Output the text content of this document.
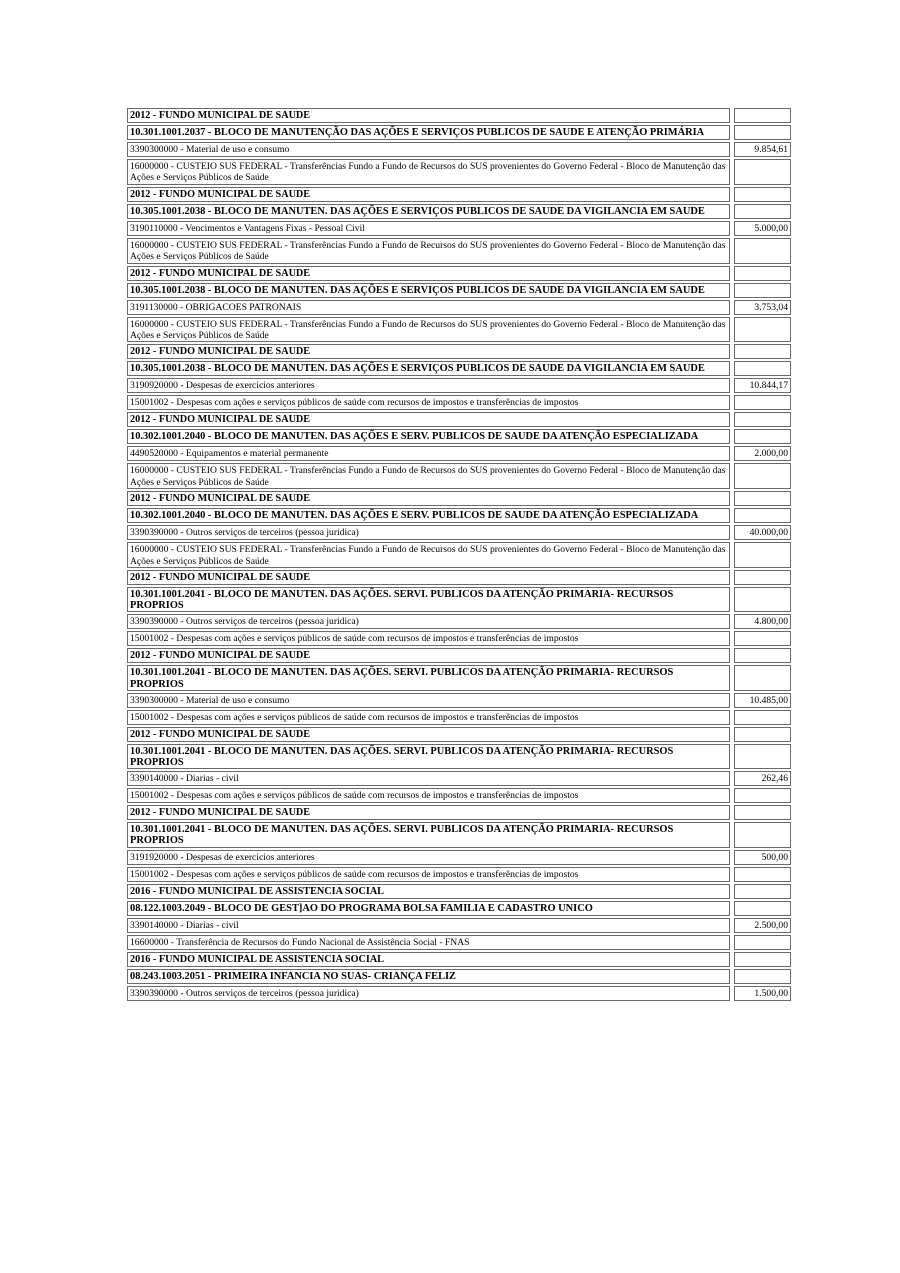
2012 - FUNDO MUNICIPAL DE SAUDE
10.301.1001.2037 - BLOCO DE MANUTENÇÃO DAS AÇÕES E SERVIÇOS PUBLICOS DE SAUDE E ATENÇÃO PRIMÁRIA
3390300000 - Material de uso e consumo	9.854,61
16000000 - CUSTEIO SUS FEDERAL - Transferências Fundo a Fundo de Recursos do SUS provenientes do Governo Federal - Bloco de Manutenção das Ações e Serviços Públicos de Saúde
2012 - FUNDO MUNICIPAL DE SAUDE
10.305.1001.2038 - BLOCO DE MANUTEN. DAS AÇÕES E SERVIÇOS PUBLICOS DE SAUDE DA VIGILANCIA EM SAUDE
3190110000 - Vencimentos e Vantagens Fixas - Pessoal Civil	5.000,00
16000000 - CUSTEIO SUS FEDERAL - Transferências Fundo a Fundo de Recursos do SUS provenientes do Governo Federal - Bloco de Manutenção das Ações e Serviços Públicos de Saúde
2012 - FUNDO MUNICIPAL DE SAUDE
10.305.1001.2038 - BLOCO DE MANUTEN. DAS AÇÕES E SERVIÇOS PUBLICOS DE SAUDE DA VIGILANCIA EM SAUDE
3191130000 - OBRIGACOES PATRONAIS	3.753,04
16000000 - CUSTEIO SUS FEDERAL - Transferências Fundo a Fundo de Recursos do SUS provenientes do Governo Federal - Bloco de Manutenção das Ações e Serviços Públicos de Saúde
2012 - FUNDO MUNICIPAL DE SAUDE
10.305.1001.2038 - BLOCO DE MANUTEN. DAS AÇÕES E SERVIÇOS PUBLICOS DE SAUDE DA VIGILANCIA EM SAUDE
3190920000 - Despesas de exercicios anteriores	10.844,17
15001002 - Despesas com ações e serviços públicos de saúde com recursos de impostos e transferências de impostos
2012 - FUNDO MUNICIPAL DE SAUDE
10.302.1001.2040 - BLOCO DE MANUTEN. DAS AÇÕES E SERV. PUBLICOS DE SAUDE DA ATENÇÃO ESPECIALIZADA
4490520000 - Equipamentos e material permanente	2.000,00
16000000 - CUSTEIO SUS FEDERAL - Transferências Fundo a Fundo de Recursos do SUS provenientes do Governo Federal - Bloco de Manutenção das Ações e Serviços Públicos de Saúde
2012 - FUNDO MUNICIPAL DE SAUDE
10.302.1001.2040 - BLOCO DE MANUTEN. DAS AÇÕES E SERV. PUBLICOS DE SAUDE DA ATENÇÃO ESPECIALIZADA
3390390000 - Outros serviços de terceiros (pessoa juridica)	40.000,00
16000000 - CUSTEIO SUS FEDERAL - Transferências Fundo a Fundo de Recursos do SUS provenientes do Governo Federal - Bloco de Manutenção das Ações e Serviços Públicos de Saúde
2012 - FUNDO MUNICIPAL DE SAUDE
10.301.1001.2041 - BLOCO DE MANUTEN. DAS AÇÕES. SERVI. PUBLICOS DA ATENÇÃO PRIMARIA- RECURSOS PROPRIOS
3390390000 - Outros serviços de terceiros (pessoa juridica)	4.800,00
15001002 - Despesas com ações e serviços públicos de saúde com recursos de impostos e transferências de impostos
2012 - FUNDO MUNICIPAL DE SAUDE
10.301.1001.2041 - BLOCO DE MANUTEN. DAS AÇÕES. SERVI. PUBLICOS DA ATENÇÃO PRIMARIA- RECURSOS PROPRIOS
3390300000 - Material de uso e consumo	10.485,00
15001002 - Despesas com ações e serviços públicos de saúde com recursos de impostos e transferências de impostos
2012 - FUNDO MUNICIPAL DE SAUDE
10.301.1001.2041 - BLOCO DE MANUTEN. DAS AÇÕES. SERVI. PUBLICOS DA ATENÇÃO PRIMARIA- RECURSOS PROPRIOS
3390140000 - Diarias - civil	262,46
15001002 - Despesas com ações e serviços públicos de saúde com recursos de impostos e transferências de impostos
2012 - FUNDO MUNICIPAL DE SAUDE
10.301.1001.2041 - BLOCO DE MANUTEN. DAS AÇÕES. SERVI. PUBLICOS DA ATENÇÃO PRIMARIA- RECURSOS PROPRIOS
3191920000 - Despesas de exercicios anteriores	500,00
15001002 - Despesas com ações e serviços públicos de saúde com recursos de impostos e transferências de impostos
2016 - FUNDO MUNICIPAL DE ASSISTENCIA SOCIAL
08.122.1003.2049 - BLOCO DE GEST]AO DO PROGRAMA BOLSA FAMILIA E CADASTRO UNICO
3390140000 - Diarias - civil	2.500,00
16600000 - Transferência de Recursos do Fundo Nacional de Assistência Social - FNAS
2016 - FUNDO MUNICIPAL DE ASSISTENCIA SOCIAL
08.243.1003.2051 - PRIMEIRA INFANCIA NO SUAS- CRIANÇA FELIZ
3390390000 - Outros serviços de terceiros (pessoa juridica)	1.500,00
